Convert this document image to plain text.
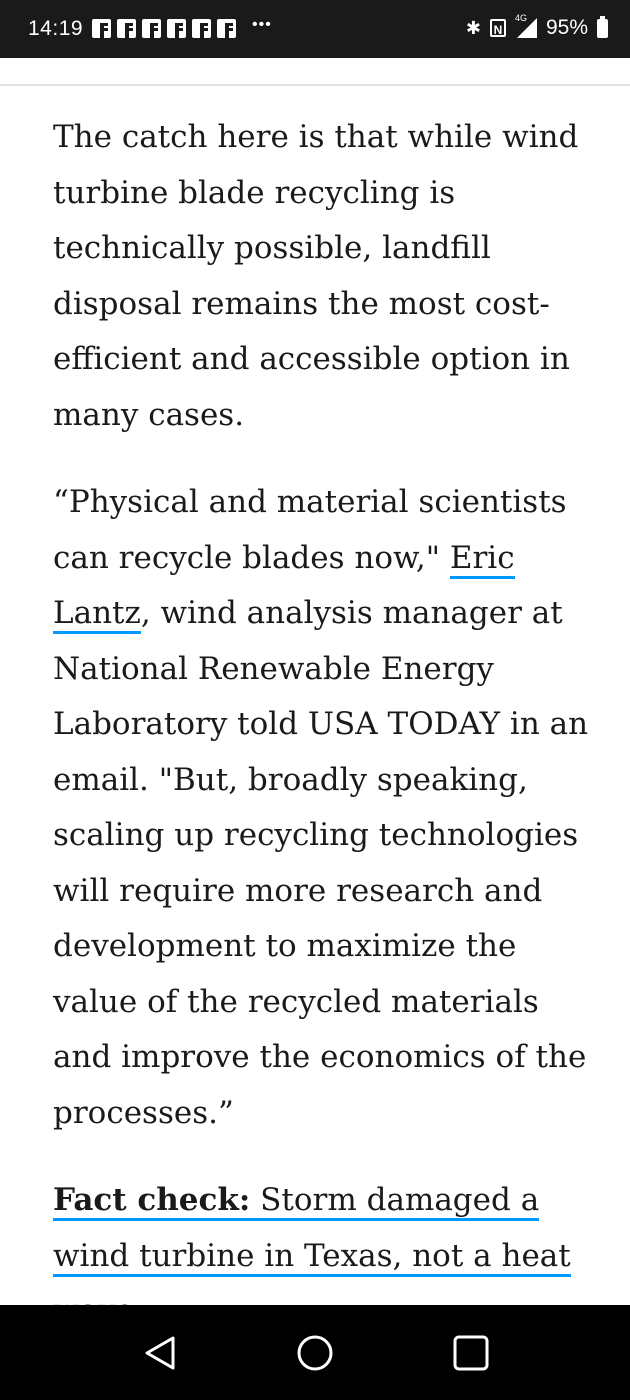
14:19	•••	✱	N
4G 95%

The catch here is that while wind turbine blade recycling is technically possible, landfill disposal remains the most cost-efficient and accessible option in many cases.

“Physical and material scientists can recycle blades now," Eric Lantz, wind analysis manager at National Renewable Energy Laboratory told USA TODAY in an email. "But, broadly speaking, scaling up recycling technologies will require more research and development to maximize the value of the recycled materials and improve the economics of the processes.”

Fact check: Storm damaged a wind turbine in Texas, not a heat
